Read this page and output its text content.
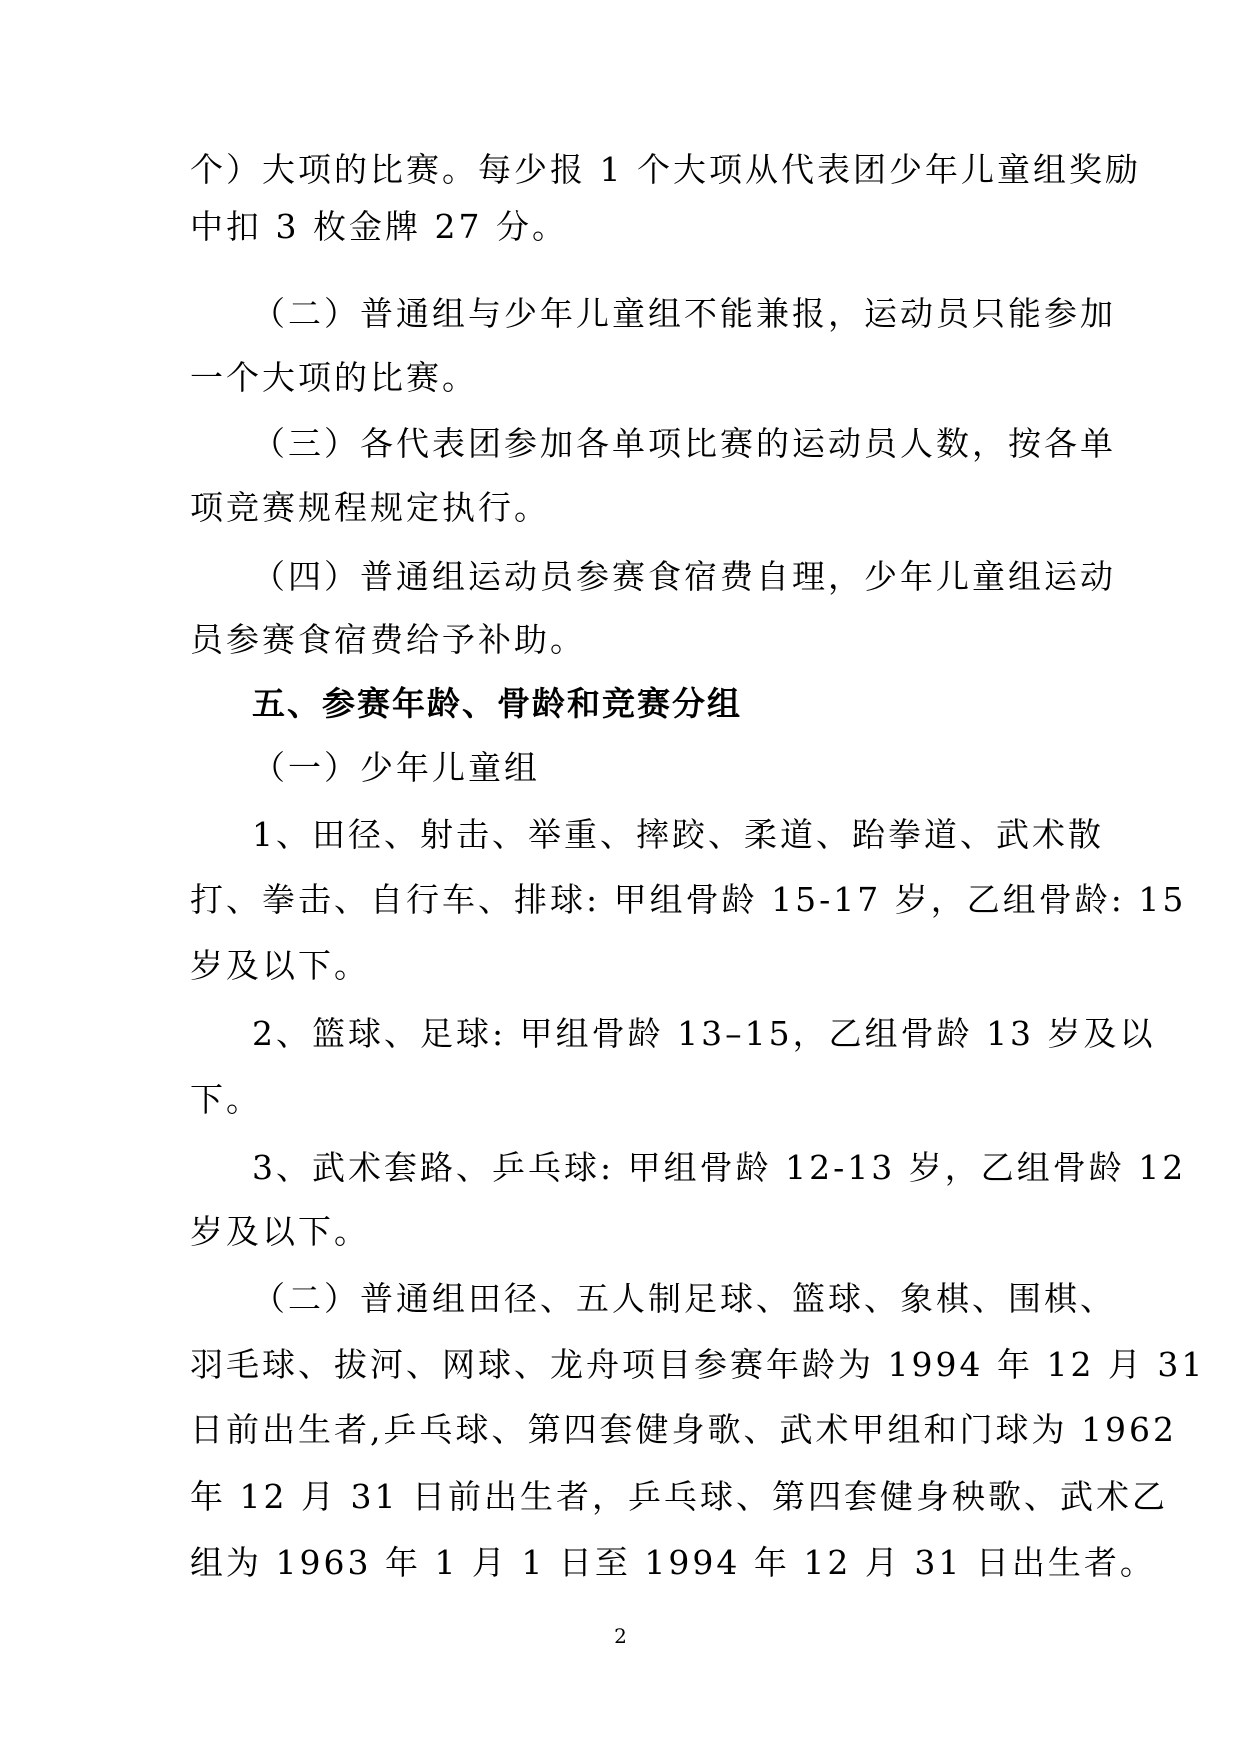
个）大项的比赛。每少报 1 个大项从代表团少年儿童组奖励
中扣 3 枚金牌 27 分。
（二）普通组与少年儿童组不能兼报，运动员只能参加
一个大项的比赛。
（三）各代表团参加各单项比赛的运动员人数，按各单
项竞赛规程规定执行。
（四）普通组运动员参赛食宿费自理，少年儿童组运动
员参赛食宿费给予补助。
五、参赛年龄、骨龄和竞赛分组
（一）少年儿童组
1、田径、射击、举重、摔跤、柔道、跆拳道、武术散
打、拳击、自行车、排球: 甲组骨龄 15-17 岁，乙组骨龄: 15
岁及以下。
2、篮球、足球: 甲组骨龄 13–15，乙组骨龄 13 岁及以
下。
3、武术套路、乒乓球: 甲组骨龄 12-13 岁，乙组骨龄 12
岁及以下。
（二）普通组田径、五人制足球、篮球、象棋、围棋、
羽毛球、拔河、网球、龙舟项目参赛年龄为 1994 年 12 月 31
日前出生者,乒乓球、第四套健身歌、武术甲组和门球为 1962
年 12 月 31 日前出生者，乒乓球、第四套健身秧歌、武术乙
组为 1963 年 1 月 1 日至 1994 年 12 月 31 日出生者。
2
